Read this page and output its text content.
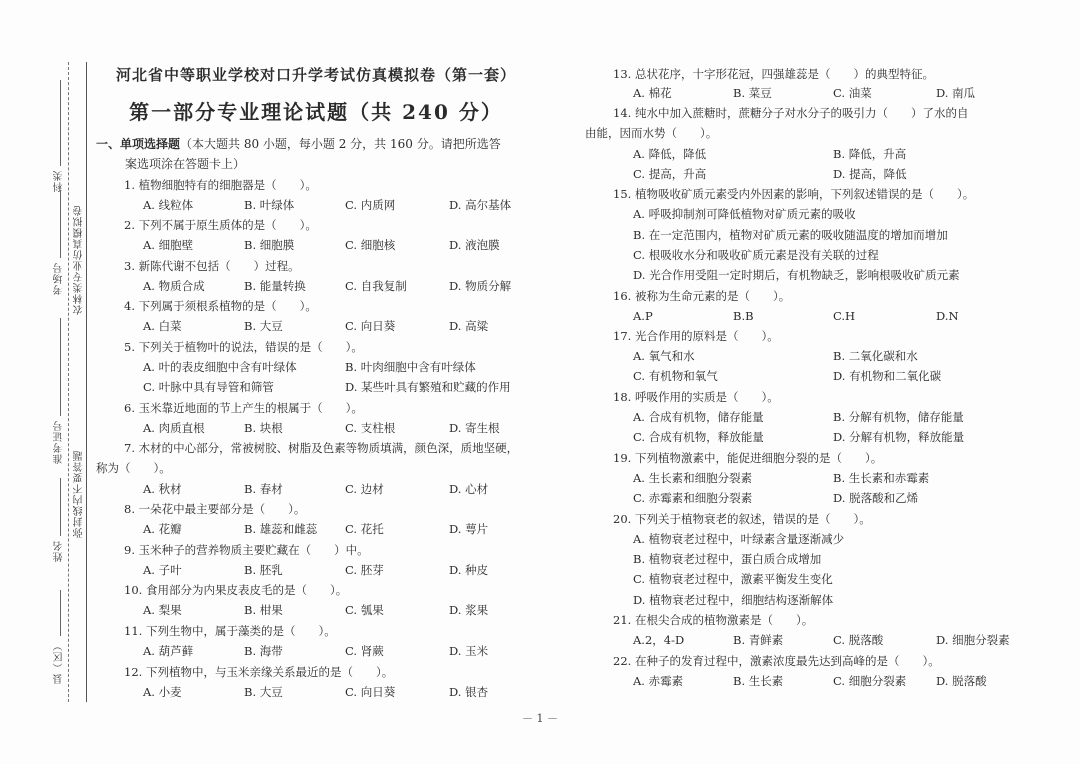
科类
农林类专业仿真模拟卷
考场号
准考证号
弥封线内不要答题
姓名
县（区）
河北省中等职业学校对口升学考试仿真模拟卷（第一套）
第一部分专业理论试题（共 240 分）
一、单项选择题（本大题共 80 小题，每小题 2 分，共 160 分。请把所选答
案选项涂在答题卡上）
1. 植物细胞特有的细胞器是（　　）。
A. 线粒体	B. 叶绿体	C. 内质网	D. 高尔基体
2. 下列不属于原生质体的是（　　）。
A. 细胞壁	B. 细胞膜	C. 细胞核	D. 液泡膜
3. 新陈代谢不包括（　　）过程。
A. 物质合成	B. 能量转换	C. 自我复制	D. 物质分解
4. 下列属于须根系植物的是（　　）。
A. 白菜	B. 大豆	C. 向日葵	D. 高粱
5. 下列关于植物叶的说法，错误的是（　　）。
A. 叶的表皮细胞中含有叶绿体	B. 叶肉细胞中含有叶绿体
C. 叶脉中具有导管和筛管	D. 某些叶具有繁殖和贮藏的作用
6. 玉米靠近地面的节上产生的根属于（　　）。
A. 肉质直根	B. 块根	C. 支柱根	D. 寄生根
7. 木材的中心部分，常被树胶、树脂及色素等物质填满，颜色深，质地坚硬，
称为（　　）。
A. 秋材	B. 春材	C. 边材	D. 心材
8. 一朵花中最主要部分是（　　）。
A. 花瓣	B. 雄蕊和雌蕊 C. 花托	D. 萼片
9. 玉米种子的营养物质主要贮藏在（　　）中。
A. 子叶	B. 胚乳	C. 胚芽	D. 种皮
10. 食用部分为内果皮表皮毛的是（　　）。
A. 梨果	B. 柑果	C. 瓠果	D. 浆果
11. 下列生物中，属于藻类的是（　　）。
A. 葫芦藓	B. 海带	C. 肾蕨	D. 玉米
12. 下列植物中，与玉米亲缘关系最近的是（　　）。
A. 小麦	B. 大豆	C. 向日葵	D. 银杏
13. 总状花序，十字形花冠，四强雄蕊是（　　）的典型特征。
A. 棉花	B. 菜豆	C. 油菜	D. 南瓜
14. 纯水中加入蔗糖时，蔗糖分子对水分子的吸引力（　　）了水的自
由能，因而水势（　　）。
A. 降低，降低	B. 降低，升高
C. 提高，升高	D. 提高，降低
15. 植物吸收矿质元素受内外因素的影响，下列叙述错误的是（　　）。
A. 呼吸抑制剂可降低植物对矿质元素的吸收
B. 在一定范围内，植物对矿质元素的吸收随温度的增加而增加
C. 根吸收水分和吸收矿质元素是没有关联的过程
D. 光合作用受阻一定时期后，有机物缺乏，影响根吸收矿质元素
16. 被称为生命元素的是（　　）。
A.P	B.B	C.H	D.N
17. 光合作用的原料是（　　）。
A. 氧气和水	B. 二氧化碳和水
C. 有机物和氧气	D. 有机物和二氧化碳
18. 呼吸作用的实质是（　　）。
A. 合成有机物，储存能量	B. 分解有机物，储存能量
C. 合成有机物，释放能量	D. 分解有机物，释放能量
19. 下列植物激素中，能促进细胞分裂的是（　　）。
A. 生长素和细胞分裂素	B. 生长素和赤霉素
C. 赤霉素和细胞分裂素	D. 脱落酸和乙烯
20. 下列关于植物衰老的叙述，错误的是（　　）。
A. 植物衰老过程中，叶绿素含量逐渐减少
B. 植物衰老过程中，蛋白质合成增加
C. 植物衰老过程中，激素平衡发生变化
D. 植物衰老过程中，细胞结构逐渐解体
21. 在根尖合成的植物激素是（　　）。
A.2，4-D	B. 青鲜素	C. 脱落酸	D. 细胞分裂素
22. 在种子的发育过程中，激素浓度最先达到高峰的是（　　）。
A. 赤霉素	B. 生长素	C. 细胞分裂素	D. 脱落酸
－ 1 －
